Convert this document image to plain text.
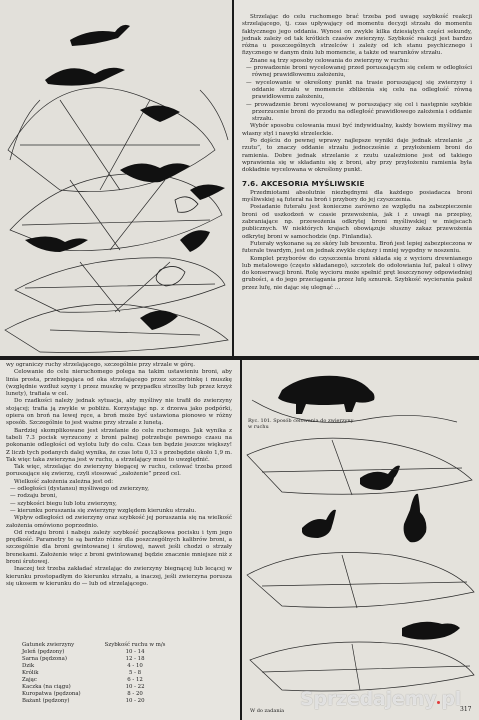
Strzelając do celu ruchomego brać trzeba pod uwagę szybkość reakcji strzelającego, tj. czas upływający od momentu decyzji strzału do momentu faktycznego jego oddania. Wynosi on zwykle kilka dziesiątych części sekundy, jednak zależy od tak krótkich czasów zwierzyny. Szybkość reakcji jest bardzo różna u poszczególnych strzelców i zależy od ich stanu psychicznego i fizycznego w danym dniu lub momencie, a także od warunków strzału.

Znane są trzy sposoby celowania do zwierzyny w ruchu:

— prowadzenie broni wycelowanej przed poruszającym się celem w odległości równej prawidłowemu założeniu,

— wycelowanie w określony punkt na trasie poruszającej się zwierzyny i oddanie strzału w momencie zbliżenia się celu na odległość równą prawidłowemu założeniu,

— prowadzenie broni wycelowanej w poruszający się cel i następnie szybkie przerzucenie broni do przodu na odległość prawidłowego założenia i oddanie strzału.

Wybór sposobu celowania musi być indywidualny, każdy bowiem myśliwy ma własny styl i nawyki strzeleckie.

Po dojściu do pewnej wprawy najlepsze wyniki daje jednak strzelanie „z rzutu”, to znaczy oddanie strzału jednocześnie z przyłożeniem broni do ramienia. Dobre jednak strzelanie z rzutu uzależnione jest od takiego wprawienia się w składaniu się z broni, aby przy przyłożeniu ramienia była dokładnie wycelowana w określony punkt.

7.6. AKCESORIA MYŚLIWSKIE

Przedmiotami absolutnie niezbędnymi dla każdego posiadacza broni myśliwskiej są futerał na broń i przybory do jej czyszczenia.

Posiadanie futerału jest konieczne zarówno ze względu na zabezpieczenie broni od uszkodzeń w czasie przewożenia, jak i z uwagi na przepisy, zabraniające np. przewożenia odkrytej broni myśliwskiej w miejscach publicznych. W niektórych krajach obowiązuje słuszny zakaz przewożenia odkrytej broni w samochodzie (np. Finlandia).

Futerały wykonane są ze skóry lub brezentu. Broń jest lepiej zabezpieczona w futerale twardym, jest on jednak zwykle cięższy i mniej wygodny w noszeniu.

Komplet przyborów do czyszczenia broni składa się z wycioru drewnianego lub metalowego (często składanego), szczotek do odołowiania luf, pakuł i oliwy do konserwacji broni. Rolę wycioru może spełnić pręt leszczynowy odpowiedniej grubości, a do jego przeciągania przez lufę sznurek. Szybkość wycierania pakuł przez lufę, nie dając się ulegnąć ...

wy ograniczy ruchy strzelającego, szczególnie przy strzale w górę.

Celowanie do celu nieruchomego polega na takim ustawieniu broni, aby linia prosta, przebiegająca od oka strzelającego przez szczerbinkę i muszkę (względnie wzdłuż szyny i przez muszkę w przypadku strzelby lub przez krzyż lunety), trafiała w cel.

Do rzadkości należy jednak sytuacja, aby myśliwy nie trafił do zwierzyny stojącej; trafia ją zwykle w pobliżu. Korzystając np. z drzewa jako podpórki, opiera on broń na lewej ręce, a broń może być ustawiona pionowo w różny sposób. Szczególnie to jest ważne przy strzale z lunetą.

Bardziej skomplikowane jest strzelanie do celu ruchomego. Jak wynika z tabeli 7.3 pocisk wyrzucony z broni palnej potrzebuje pewnego czasu na pokonanie odległości od wylotu lufy do celu. Czas ten będzie jeszcze większy! Z liczb tych podanych dalej wynika, że czas lotu 0,13 s przebędzie około 1,9 m. Tak więc taka zwierzyna jest w ruchu, a strzelający musi to uwzględnić.

Tak więc, strzelając do zwierzyny biegącej w ruchu, celować trzeba przed poruszające się zwierzę, czyli stosować „założenie” przed cel.

Wielkość założenia zależna jest od:

— odległości (dystansu) myśliwego od zwierzyny,

— rodzaju broni,

— szybkości biegu lub lotu zwierzyny,

— kierunku poruszania się zwierzyny względem kierunku strzału.

Wpływ odległości od zwierzyny oraz szybkość jej poruszania się na wielkość założenia omówiono poprzednio.

Od rodzaju broni i naboju zależy szybkość początkowa pocisku i tym jego prędkość. Parametry te są bardzo różne dla poszczególnych kalibrów broni, a szczególnie dla broni gwintowanej i śrutowej, nawet jeśli chodzi o strzały brenekami. Założenie więc z broni gwintowanej będzie znacznie mniejsze niż z broni śrutowej.

Inaczej też trzeba zakładać strzelając do zwierzyny biegnącej lub lecącej w kierunku prostopadłym do kierunku strzału, a inaczej, jeśli zwierzyna porusza się ukosem w kierunku do — lub od strzelającego.

Gatunek zwierzyny	Szybkość ruchu w m/s
Jeleń (pędzony)	10 - 14
Sarna (pędzona)	12 - 18
Dzik	4 - 10
Królik	5 - 8
Zając	6 - 12
Kaczka (na ciągu)	10 - 22
Kuropatwa (pędzona)	8 - 20
Bażant (pędzony)	10 - 20
Ryc. 101. Sposób celowania do zwierzyny w ruchu
W do zadania	317
Sprzedajemy pl
